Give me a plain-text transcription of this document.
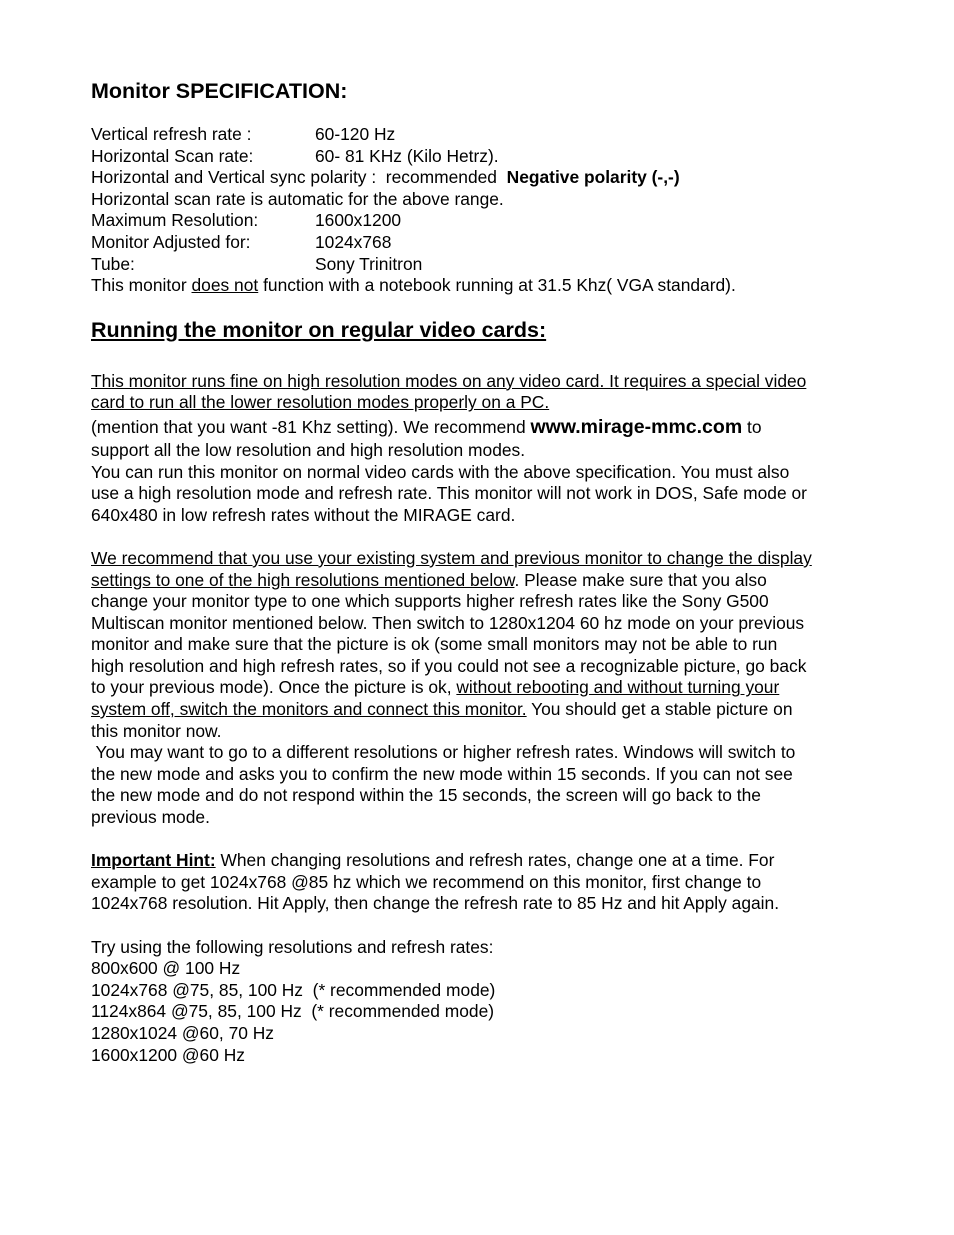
Monitor SPECIFICATION:
Vertical refresh rate :	60-120 Hz
Horizontal Scan rate:	60- 81 KHz (Kilo Hetrz).
Horizontal and Vertical sync polarity :  recommended  Negative polarity (-,-)
Horizontal scan rate is automatic for the above range.
Maximum Resolution:	1600x1200
Monitor Adjusted for:	1024x768
Tube:	Sony Trinitron
This monitor does not function with a notebook running at 31.5 Khz( VGA standard).
Running the monitor on regular video cards:
This monitor runs fine on high resolution modes on any video card. It requires a special video
card to run all the lower resolution modes properly on a PC.
(mention that you want -81 Khz setting). We recommend www.mirage-mmc.com to
support all the low resolution and high resolution modes.
You can run this monitor on normal video cards with the above specification. You must also
use a high resolution mode and refresh rate. This monitor will not work in DOS, Safe mode or
640x480 in low refresh rates without the MIRAGE card.
We recommend that you use your existing system and previous monitor to change the display
settings to one of the high resolutions mentioned below. Please make sure that you also
change your monitor type to one which supports higher refresh rates like the Sony G500
Multiscan monitor mentioned below. Then switch to 1280x1204 60 hz mode on your previous
monitor and make sure that the picture is ok (some small monitors may not be able to run
high resolution and high refresh rates, so if you could not see a recognizable picture, go back
to your previous mode). Once the picture is ok, without rebooting and without turning your
system off, switch the monitors and connect this monitor. You should get a stable picture on
this monitor now.
You may want to go to a different resolutions or higher refresh rates. Windows will switch to
the new mode and asks you to confirm the new mode within 15 seconds. If you can not see
the new mode and do not respond within the 15 seconds, the screen will go back to the
previous mode.
Important Hint: When changing resolutions and refresh rates, change one at a time. For
example to get 1024x768 @85 hz which we recommend on this monitor, first change to
1024x768 resolution. Hit Apply, then change the refresh rate to 85 Hz and hit Apply again.
Try using the following resolutions and refresh rates:
800x600 @ 100 Hz
1024x768 @75, 85, 100 Hz  (* recommended mode)
1124x864 @75, 85, 100 Hz  (* recommended mode)
1280x1024 @60, 70 Hz
1600x1200 @60 Hz
